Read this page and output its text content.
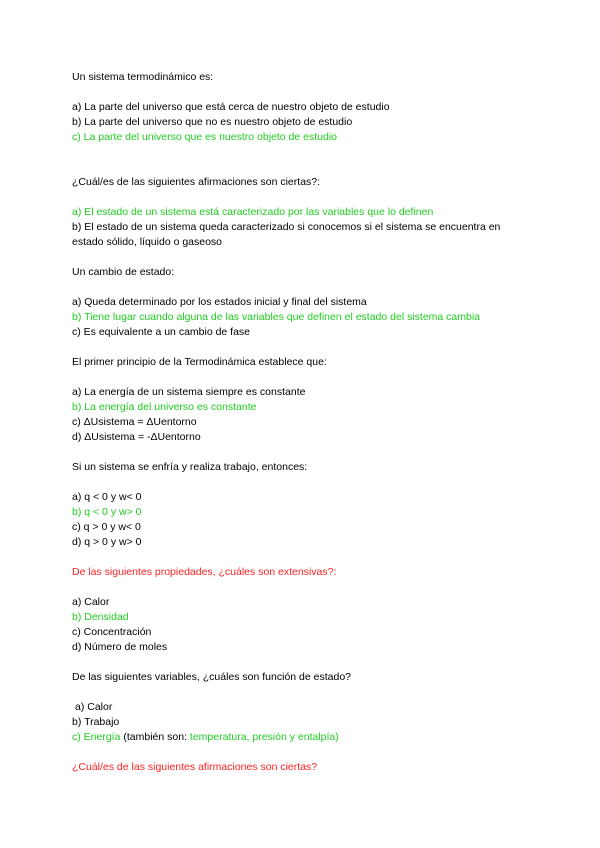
Un sistema termodinámico es:
a) La parte del universo que está cerca de nuestro objeto de estudio
b) La parte del universo que no es nuestro objeto de estudio
c) La parte del universo que es nuestro objeto de estudio
¿Cuál/es de las siguientes afirmaciones son ciertas?:
a) El estado de un sistema está caracterizado por las variables que lo definen
b) El estado de un sistema queda caracterizado si conocemos si el sistema se encuentra en estado sólido, líquido o gaseoso
Un cambio de estado:
a) Queda determinado por los estados inicial y final del sistema
b) Tiene lugar cuando alguna de las variables que definen el estado del sistema cambia
c) Es equivalente a un cambio de fase
El primer principio de la Termodinámica establece que:
a) La energía de un sistema siempre es constante
b) La energía del universo es constante
c) ΔUsistema = ΔUentorno
d) ΔUsistema = -ΔUentorno
Si un sistema se enfría y realiza trabajo, entonces:
a) q < 0 y w< 0
b) q < 0 y w> 0
c) q > 0 y w< 0
d) q > 0 y w> 0
De las siguientes propiedades, ¿cuáles son extensivas?:
a) Calor
b) Densidad
c) Concentración
d) Número de moles
De las siguientes variables, ¿cuáles son función de estado?
a) Calor
b) Trabajo
c) Energía (también son: temperatura, presión y entalpía)
¿Cuál/es de las siguientes afirmaciones son ciertas?
